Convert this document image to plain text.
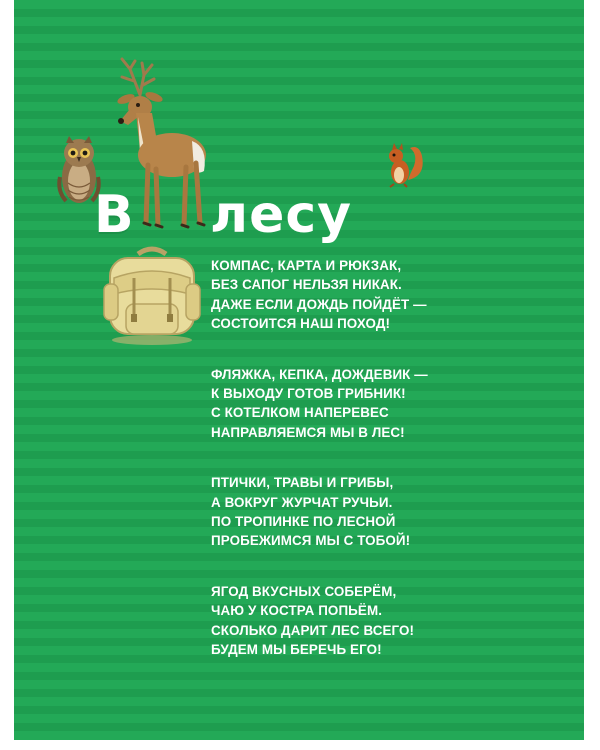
В лесу
КОМПАС, КАРТА И РЮКЗАК,
БЕЗ САПОГ НЕЛЬЗЯ НИКАК.
ДАЖЕ ЕСЛИ ДОЖДЬ ПОЙДЁТ —
СОСТОИТСЯ НАШ ПОХОД!
ФЛЯЖКА, КЕПКА, ДОЖДЕВИК —
К ВЫХОДУ ГОТОВ ГРИБНИК!
С КОТЕЛКОМ НАПЕРЕВЕС
НАПРАВЛЯЕМСЯ МЫ В ЛЕС!
ПТИЧКИ, ТРАВЫ И ГРИБЫ,
А ВОКРУГ ЖУРЧАТ РУЧЬИ.
ПО ТРОПИНКЕ ПО ЛЕСНОЙ
ПРОБЕЖИМСЯ МЫ С ТОБОЙ!
ЯГОД ВКУСНЫХ СОБЕРЁМ,
ЧАЮ У КОСТРА ПОПЬЁМ.
СКОЛЬКО ДАРИТ ЛЕС ВСЕГО!
БУДЕМ МЫ БЕРЕЧЬ ЕГО!
